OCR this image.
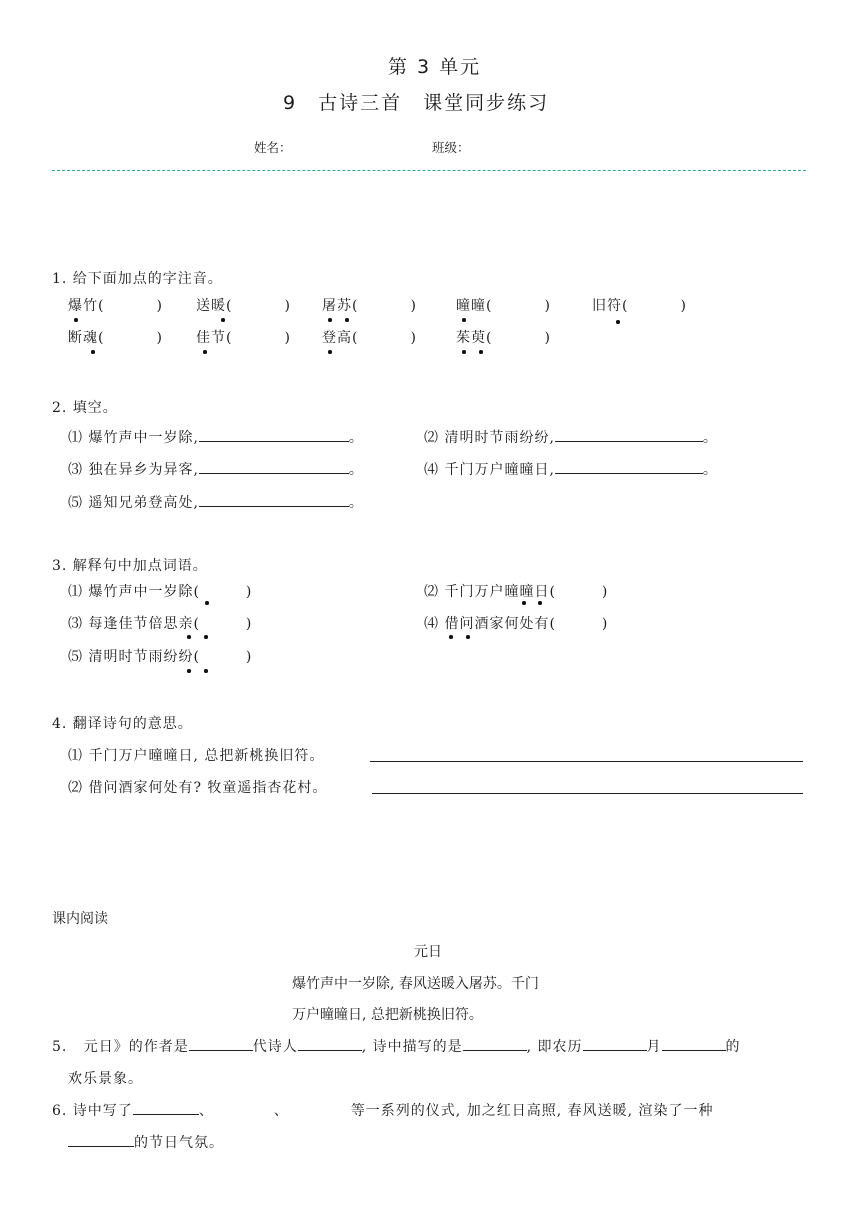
第 3 单元
9　古诗三首　课堂同步练习
姓名：	班级：
1. 给下面加点的字注音。
爆竹(	) 送暖(	) 屠苏(	)	曈曈(	)	旧符(	)
断魂(	) 佳节(	) 登高(	)	茱萸(	)
2. 填空。
⑴ 爆竹声中一岁除,	。	⑵ 清明时节雨纷纷,	。
⑶ 独在异乡为异客,	。	⑷ 千门万户曈曈日,	。
⑸ 遥知兄弟登高处,	。
3. 解释句中加点词语。
⑴ 爆竹声中一岁除(	)	⑵ 千门万户曈曈日(	)
⑶ 每逢佳节倍思亲(	)	⑷ 借问酒家何处有(	)
⑸ 清明时节雨纷纷(	)
4. 翻译诗句的意思。
⑴ 千门万户曈曈日, 总把新桃换旧符。
⑵ 借问酒家何处有? 牧童遥指杏花村。
课内阅读
元日
爆竹声中一岁除, 春风送暖入屠苏。千门
万户曈曈日, 总把新桃换旧符。
5. 元日》的作者是	代诗人	, 诗中描写的是	, 即农历	月	的
欢乐景象。
6. 诗中写了	、	、	等一系列的仪式, 加之红日高照, 春风送暖, 渲染了一种
的节日气氛。
